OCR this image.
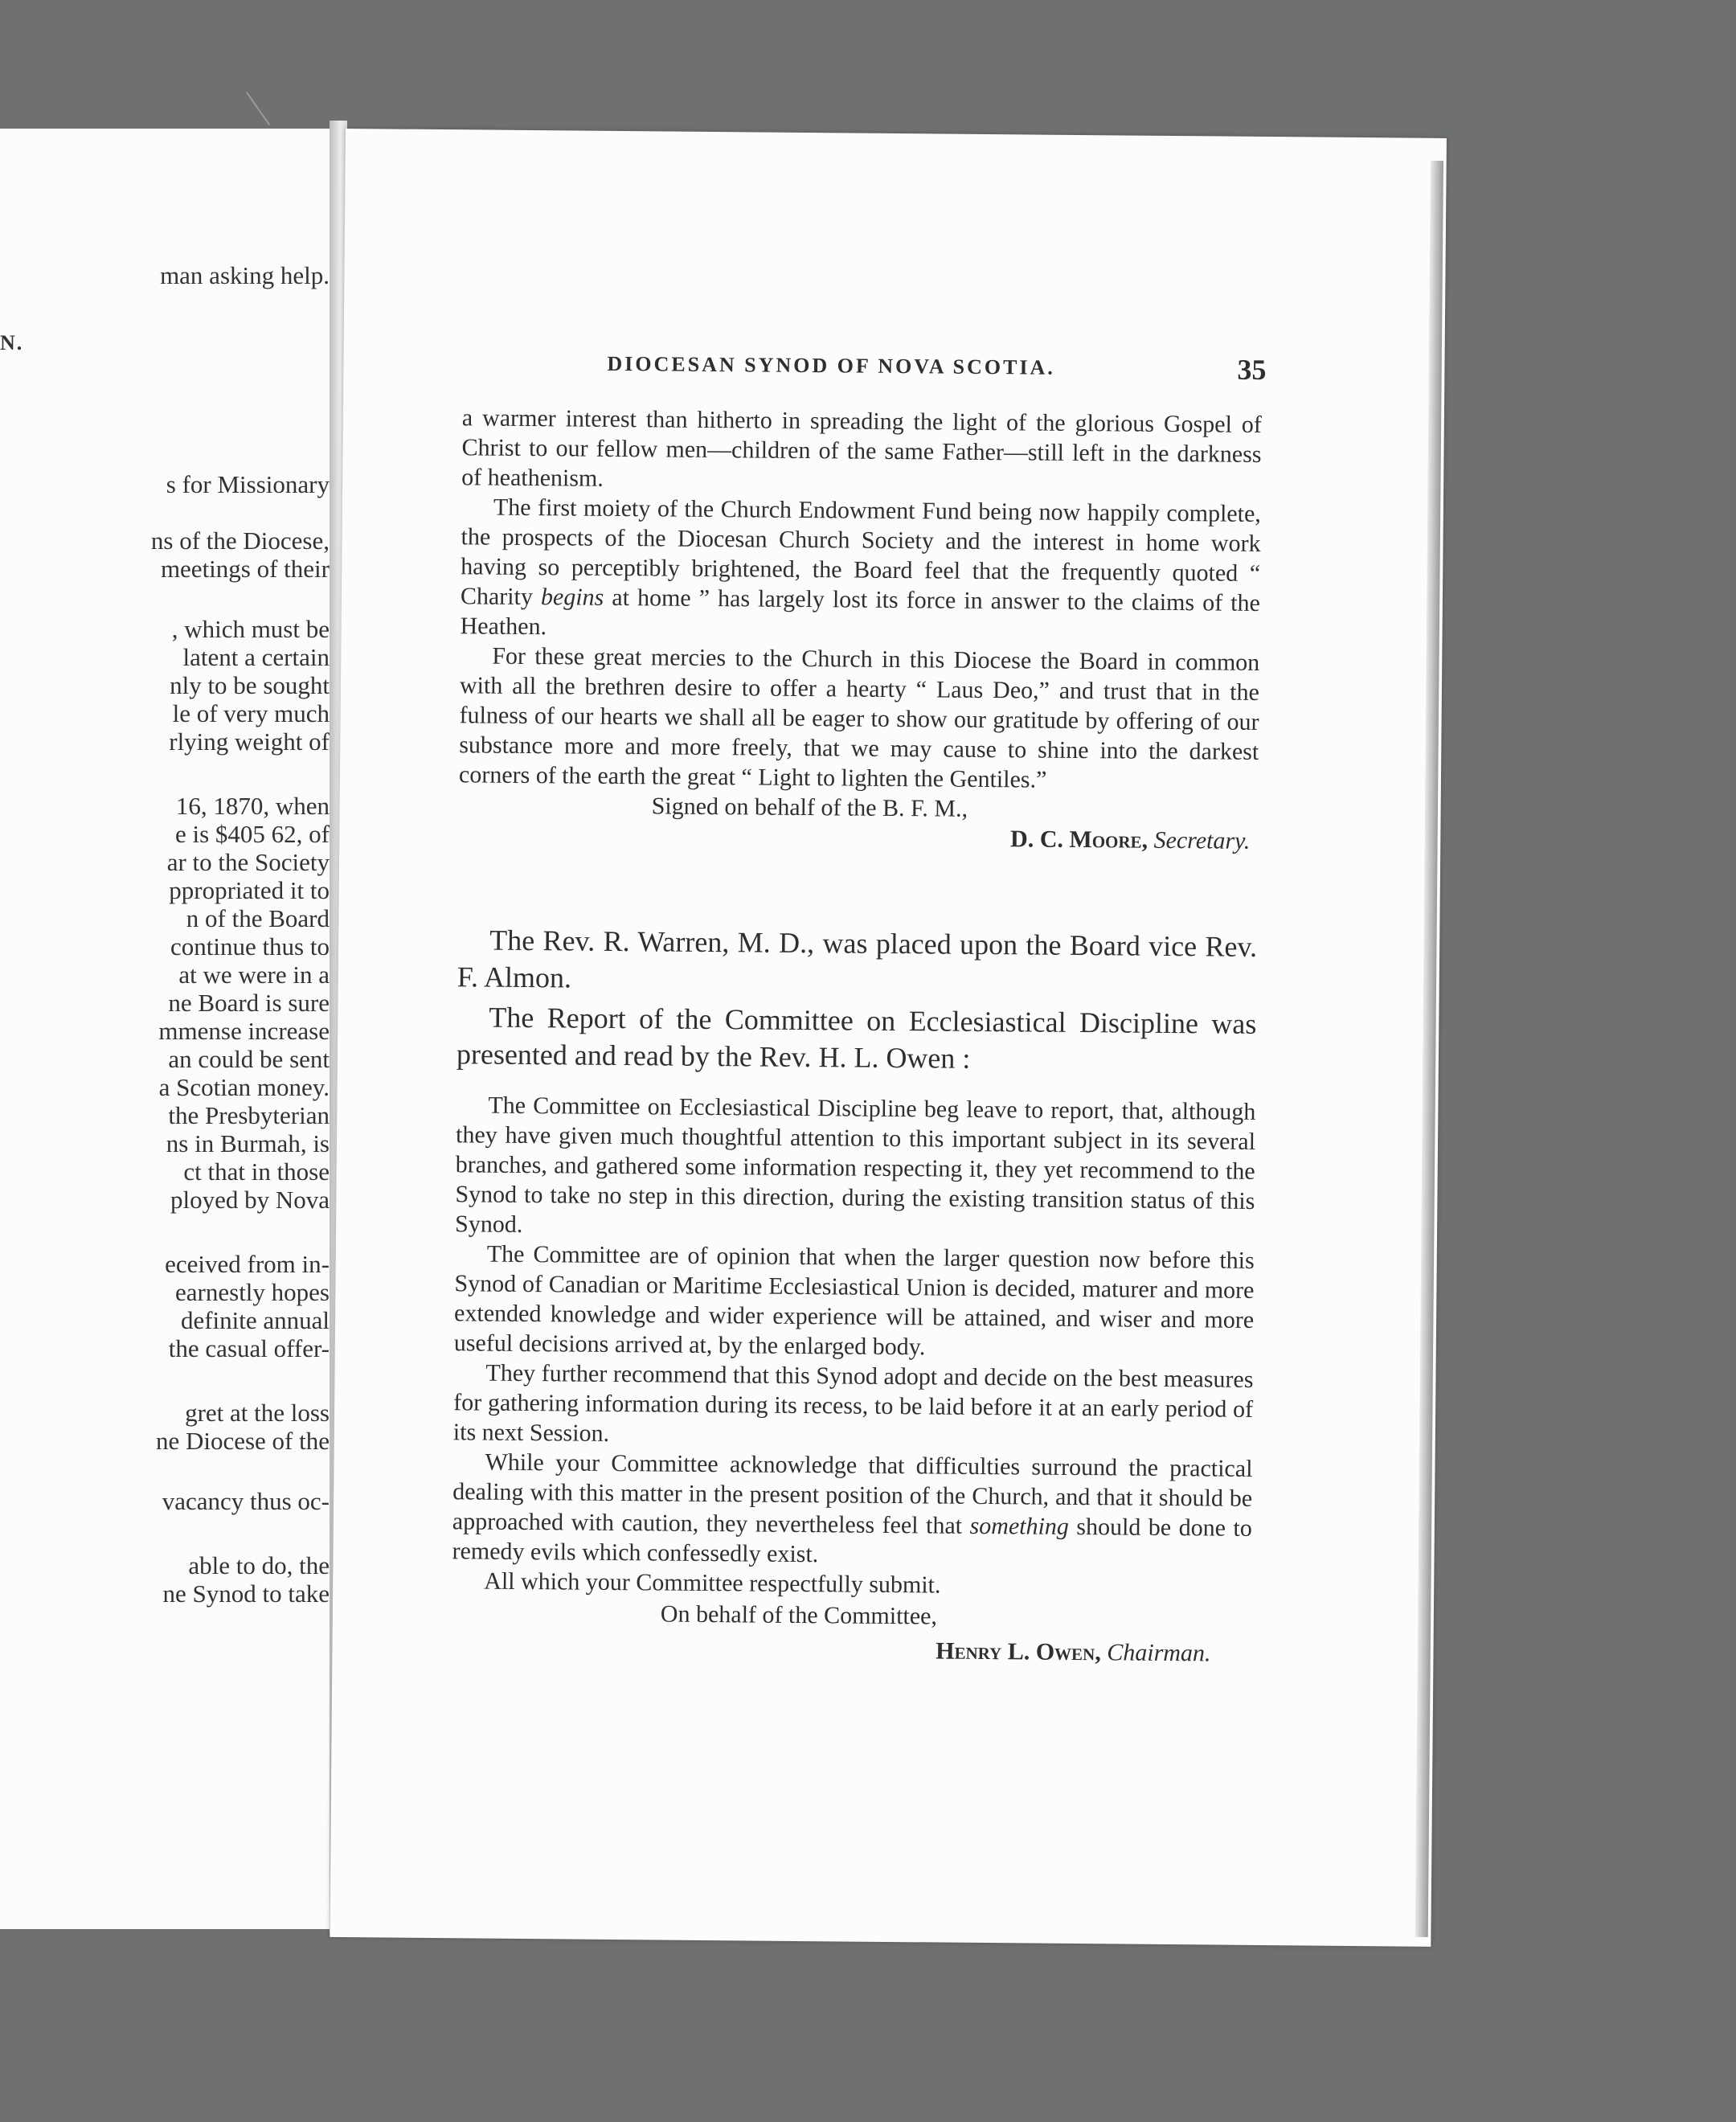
N.
man asking help.
s for Missionary
ns of the Diocese,
meetings of their
, which must be
latent a certain
nly to be sought
le of very much
rlying weight of
16, 1870, when
e is $405 62, of
ar to the Society
ppropriated it to
n of the Board
continue thus to
at we were in a
ne Board is sure
mmense increase
an could be sent
a Scotian money.
the Presbyterian
ns in Burmah, is
ct that in those
ployed by Nova
eceived from in-
earnestly hopes
definite annual
the casual offer-
gret at the loss
ne Diocese of the
vacancy thus oc-
able to do, the
ne Synod to take
DIOCESAN SYNOD OF NOVA SCOTIA.	35

a warmer interest than hitherto in spreading the light of the glorious Gospel of Christ to our fellow men—children of the same Father—still left in the darkness of heathenism.

The first moiety of the Church Endowment Fund being now happily complete, the prospects of the Diocesan Church Society and the interest in home work having so perceptibly brightened, the Board feel that the frequently quoted “ Charity begins at home ” has largely lost its force in answer to the claims of the Heathen.

For these great mercies to the Church in this Diocese the Board in common with all the brethren desire to offer a hearty “ Laus Deo,” and trust that in the fulness of our hearts we shall all be eager to show our gratitude by offering of our substance more and more freely, that we may cause to shine into the darkest corners of the earth the great “ Light to lighten the Gentiles.”

Signed on behalf of the B. F. M.,
D. C. Moore, Secretary.

The Rev. R. Warren, M. D., was placed upon the Board vice Rev. F. Almon.

The Report of the Committee on Ecclesiastical Discipline was presented and read by the Rev. H. L. Owen :

The Committee on Ecclesiastical Discipline beg leave to report, that, although they have given much thoughtful attention to this important subject in its several branches, and gathered some information respecting it, they yet recommend to the Synod to take no step in this direction, during the existing transition status of this Synod.

The Committee are of opinion that when the larger question now before this Synod of Canadian or Maritime Ecclesiastical Union is decided, maturer and more extended knowledge and wider experience will be attained, and wiser and more useful decisions arrived at, by the enlarged body.

They further recommend that this Synod adopt and decide on the best measures for gathering information during its recess, to be laid before it at an early period of its next Session.

While your Committee acknowledge that difficulties surround the practical dealing with this matter in the present position of the Church, and that it should be approached with caution, they nevertheless feel that something should be done to remedy evils which confessedly exist.

All which your Committee respectfully submit.

On behalf of the Committee,
Henry L. Owen, Chairman.
